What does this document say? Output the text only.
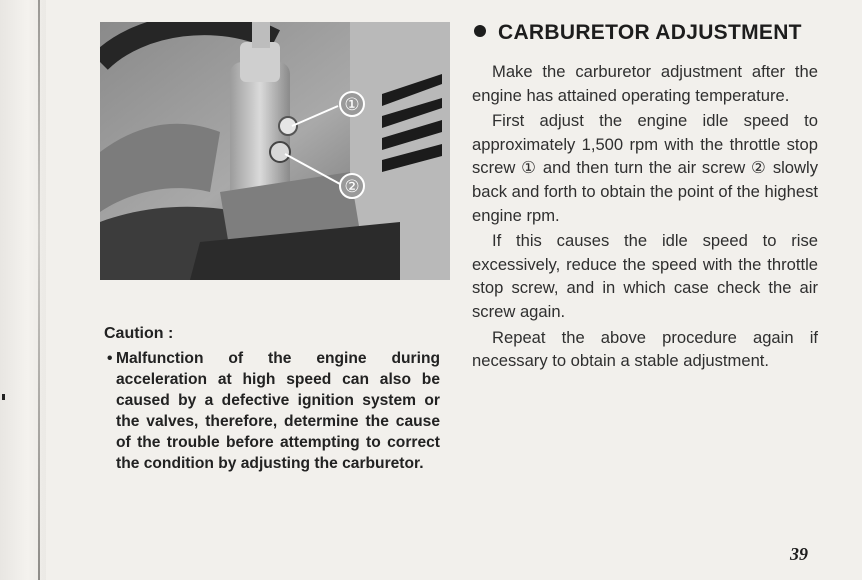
①
②
Caution :
• Malfunction of the engine during acceleration at high speed can also be caused by a defective ignition system or the valves, therefore, determine the cause of the trouble before attempting to correct the condition by adjusting the carburetor.
CARBURETOR ADJUSTMENT

Make the carburetor adjustment after the engine has attained operating temperature.

First adjust the engine idle speed to approximately 1,500 rpm with the throttle stop screw ① and then turn the air screw ② slowly back and forth to obtain the point of the highest engine rpm.

If this causes the idle speed to rise excessively, reduce the speed with the throttle stop screw, and in which case check the air screw again.

Repeat the above procedure again if necessary to obtain a stable adjustment.

39
